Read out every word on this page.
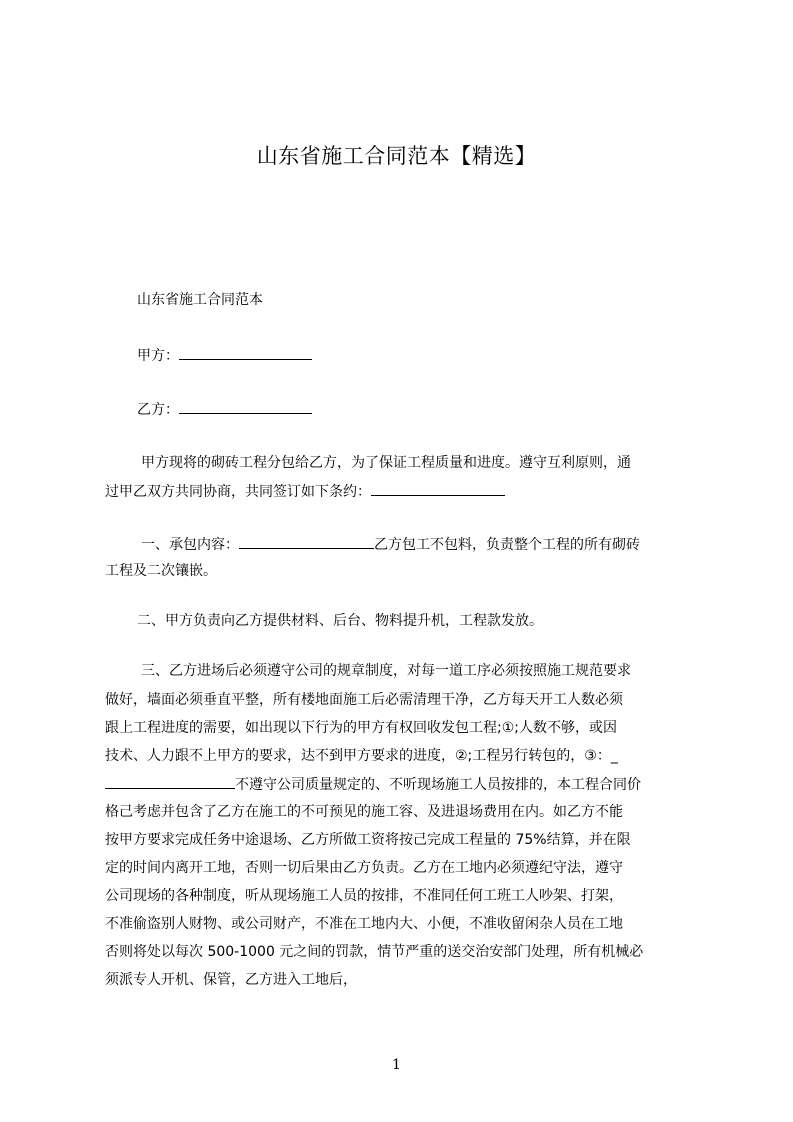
山东省施工合同范本【精选】
山东省施工合同范本
甲方：
乙方：
甲方现将的砌砖工程分包给乙方，为了保证工程质量和进度。遵守互利原则，通
过甲乙双方共同协商，共同签订如下条约：
一、承包内容：	乙方包工不包料，负责整个工程的所有砌砖
工程及二次镶嵌。
二、甲方负责向乙方提供材料、后台、物料提升机，工程款发放。
三、乙方进场后必须遵守公司的规章制度，对每一道工序必须按照施工规范要求
做好，墙面必须垂直平整，所有楼地面施工后必需清理干净，乙方每天开工人数必须
跟上工程进度的需要，如出现以下行为的甲方有权回收发包工程;①;人数不够，或因
技术、人力跟不上甲方的要求，达不到甲方要求的进度，②;工程另行转包的，③：_
不遵守公司质量规定的、不听现场施工人员按排的，本工程合同价
格己考虑并包含了乙方在施工的不可预见的施工容、及进退场费用在内。如乙方不能
按甲方要求完成任务中途退场、乙方所做工资将按己完成工程量的 75%结算，并在限
定的时间内离开工地，否则一切后果由乙方负责。乙方在工地内必须遵纪守法，遵守
公司现场的各种制度，听从现场施工人员的按排，不准同任何工班工人吵架、打架，
不准偷盗别人财物、或公司财产，不准在工地内大、小便，不准收留闲杂人员在工地
否则将处以每次 500-1000 元之间的罚款，情节严重的送交治安部门处理，所有机械必
须派专人开机、保管，乙方进入工地后，
1
